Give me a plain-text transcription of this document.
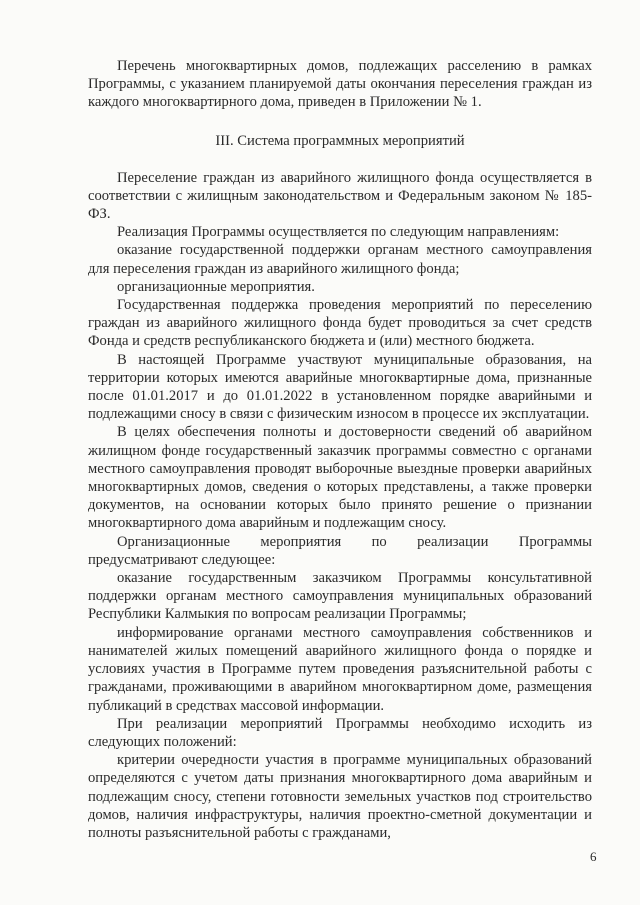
Перечень многоквартирных домов, подлежащих расселению в рамках Программы, с указанием планируемой даты окончания переселения граждан из каждого многоквартирного дома, приведен в Приложении № 1.

III. Система программных мероприятий

Переселение граждан из аварийного жилищного фонда осуществляется в соответствии с жилищным законодательством и Федеральным законом № 185-ФЗ.

Реализация Программы осуществляется по следующим направлениям:

оказание государственной поддержки органам местного самоуправления для переселения граждан из аварийного жилищного фонда;

организационные мероприятия.

Государственная поддержка проведения мероприятий по переселению граждан из аварийного жилищного фонда будет проводиться за счет средств Фонда и средств республиканского бюджета и (или) местного бюджета.

В настоящей Программе участвуют муниципальные образования, на территории которых имеются аварийные многоквартирные дома, признанные после 01.01.2017 и до 01.01.2022 в установленном порядке аварийными и подлежащими сносу в связи с физическим износом в процессе их эксплуатации.

В целях обеспечения полноты и достоверности сведений об аварийном жилищном фонде государственный заказчик программы совместно с органами местного самоуправления проводят выборочные выездные проверки аварийных многоквартирных домов, сведения о которых представлены, а также проверки документов, на основании которых было принято решение о признании многоквартирного дома аварийным и подлежащим сносу.

Организационные мероприятия по реализации Программы предусматривают следующее:

оказание государственным заказчиком Программы консультативной поддержки органам местного самоуправления муниципальных образований Республики Калмыкия по вопросам реализации Программы;

информирование органами местного самоуправления собственников и нанимателей жилых помещений аварийного жилищного фонда о порядке и условиях участия в Программе путем проведения разъяснительной работы с гражданами, проживающими в аварийном многоквартирном доме, размещения публикаций в средствах массовой информации.

При реализации мероприятий Программы необходимо исходить из следующих положений:

критерии очередности участия в программе муниципальных образований определяются с учетом даты признания многоквартирного дома аварийным и подлежащим сносу, степени готовности земельных участков под строительство домов, наличия инфраструктуры, наличия проектно-сметной документации и полноты разъяснительной работы с гражданами,

6
